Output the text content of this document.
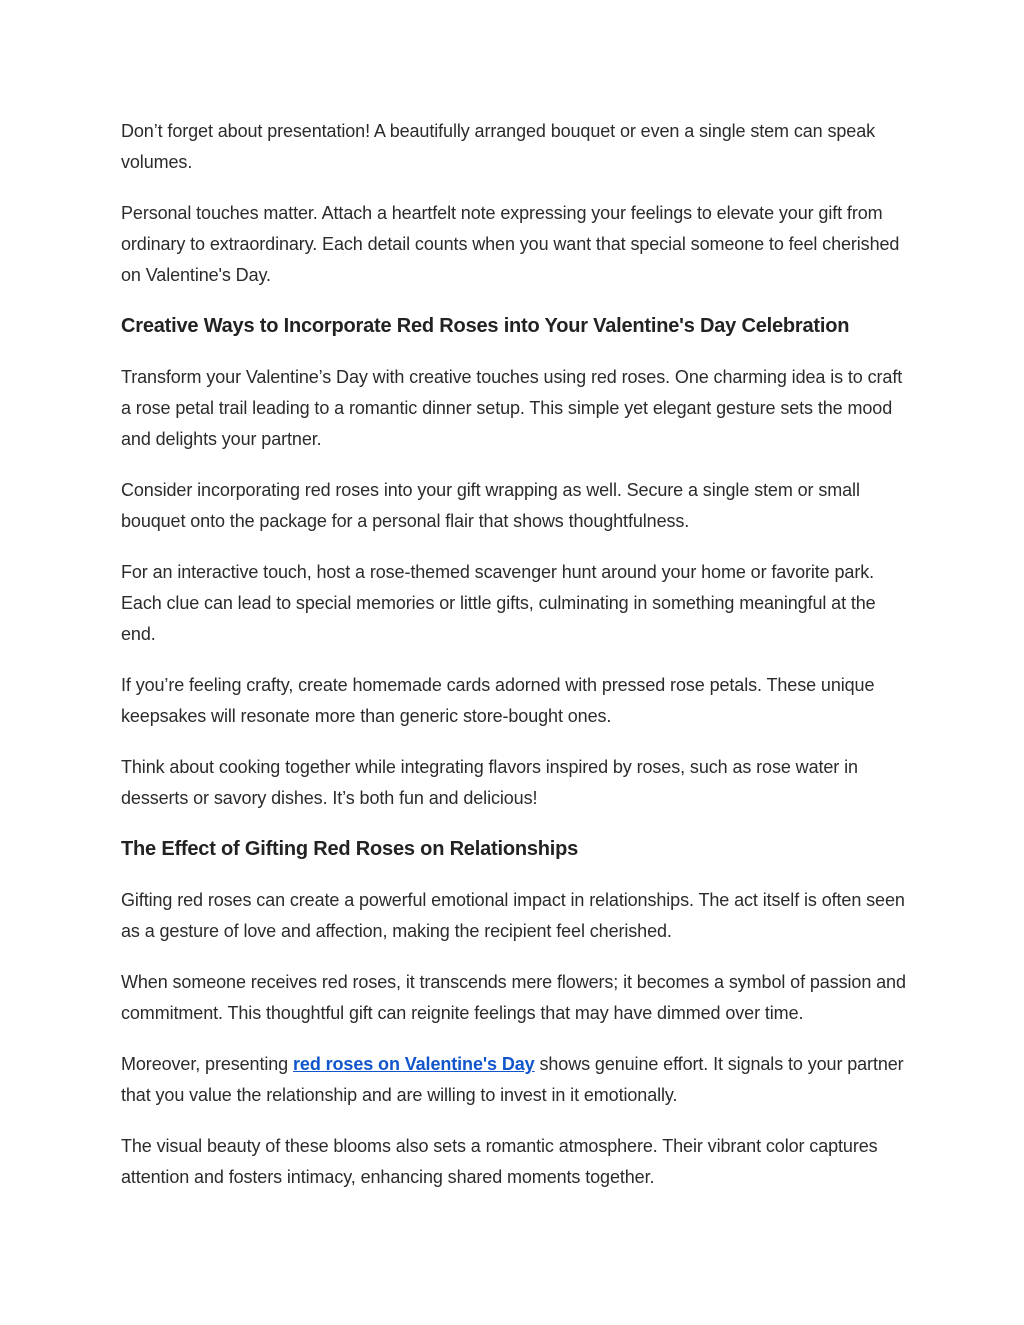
Don’t forget about presentation! A beautifully arranged bouquet or even a single stem can speak volumes.

Personal touches matter. Attach a heartfelt note expressing your feelings to elevate your gift from ordinary to extraordinary. Each detail counts when you want that special someone to feel cherished on Valentine's Day.

Creative Ways to Incorporate Red Roses into Your Valentine's Day Celebration

Transform your Valentine’s Day with creative touches using red roses. One charming idea is to craft a rose petal trail leading to a romantic dinner setup. This simple yet elegant gesture sets the mood and delights your partner.

Consider incorporating red roses into your gift wrapping as well. Secure a single stem or small bouquet onto the package for a personal flair that shows thoughtfulness.

For an interactive touch, host a rose-themed scavenger hunt around your home or favorite park. Each clue can lead to special memories or little gifts, culminating in something meaningful at the end.

If you’re feeling crafty, create homemade cards adorned with pressed rose petals. These unique keepsakes will resonate more than generic store-bought ones.

Think about cooking together while integrating flavors inspired by roses, such as rose water in desserts or savory dishes. It’s both fun and delicious!

The Effect of Gifting Red Roses on Relationships

Gifting red roses can create a powerful emotional impact in relationships. The act itself is often seen as a gesture of love and affection, making the recipient feel cherished.

When someone receives red roses, it transcends mere flowers; it becomes a symbol of passion and commitment. This thoughtful gift can reignite feelings that may have dimmed over time.

Moreover, presenting red roses on Valentine's Day shows genuine effort. It signals to your partner that you value the relationship and are willing to invest in it emotionally.

The visual beauty of these blooms also sets a romantic atmosphere. Their vibrant color captures attention and fosters intimacy, enhancing shared moments together.
